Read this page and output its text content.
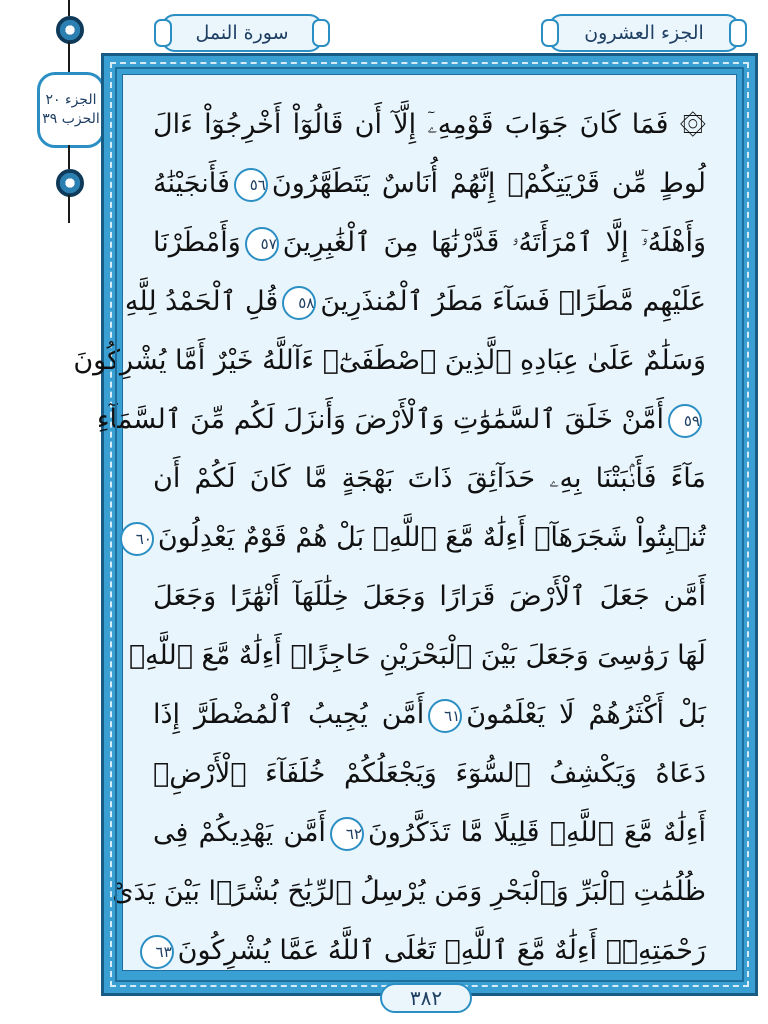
الجزء العشرون
سورة النمل
الجزء ٢٠
الحزب ٣٩ ۞ فَمَا كَانَ جَوَابَ قَوْمِهِۦٓ إِلَّآ أَن قَالُوٓاْ أَخْرِجُوٓاْ ءَالَ
لُوطٍ مِّن قَرْيَتِكُمْۖ إِنَّهُمْ أُنَاسٌ يَتَطَهَّرُونَ٥٦فَأَنجَيْنَٰهُ
وَأَهْلَهُۥٓ إِلَّا ٱمْرَأَتَهُۥ قَدَّرْنَٰهَا مِنَ ٱلْغَٰبِرِينَ٥٧وَأَمْطَرْنَا
عَلَيْهِم مَّطَرًاۖ فَسَآءَ مَطَرُ ٱلْمُنذَرِينَ٥٨قُلِ ٱلْحَمْدُ لِلَّهِ
وَسَلَٰمٌ عَلَىٰ عِبَادِهِ ٱلَّذِينَ ٱصْطَفَىٰٓۗ ءَآللَّهُ خَيْرٌ أَمَّا يُشْرِكُونَ
٥٩أَمَّنْ خَلَقَ ٱلسَّمَٰوَٰتِ وَٱلْأَرْضَ وَأَنزَلَ لَكُم مِّنَ ٱلسَّمَآءِ
مَآءً فَأَنۢبَتْنَا بِهِۦ حَدَآئِقَ ذَاتَ بَهْجَةٍ مَّا كَانَ لَكُمْ أَن
تُنۢبِتُواْ شَجَرَهَآۗ أَءِلَٰهٌ مَّعَ ٱللَّهِۚ بَلْ هُمْ قَوْمٌ يَعْدِلُونَ٦٠
أَمَّن جَعَلَ ٱلْأَرْضَ قَرَارًا وَجَعَلَ خِلَٰلَهَآ أَنْهَٰرًا وَجَعَلَ
لَهَا رَوَٰسِىَ وَجَعَلَ بَيْنَ ٱلْبَحْرَيْنِ حَاجِزًاۗ أَءِلَٰهٌ مَّعَ ٱللَّهِۚ
بَلْ أَكْثَرُهُمْ لَا يَعْلَمُونَ٦١أَمَّن يُجِيبُ ٱلْمُضْطَرَّ إِذَا
دَعَاهُ وَيَكْشِفُ ٱلسُّوٓءَ وَيَجْعَلُكُمْ خُلَفَآءَ ٱلْأَرْضِۗ
أَءِلَٰهٌ مَّعَ ٱللَّهِۚ قَلِيلًا مَّا تَذَكَّرُونَ٦٢أَمَّن يَهْدِيكُمْ فِى
ظُلُمَٰتِ ٱلْبَرِّ وَٱلْبَحْرِ وَمَن يُرْسِلُ ٱلرِّيَٰحَ بُشْرًۢا بَيْنَ يَدَىْ
رَحْمَتِهِۦٓۗ أَءِلَٰهٌ مَّعَ ٱللَّهِۚ تَعَٰلَى ٱللَّهُ عَمَّا يُشْرِكُونَ٦٣
٣٨٢
